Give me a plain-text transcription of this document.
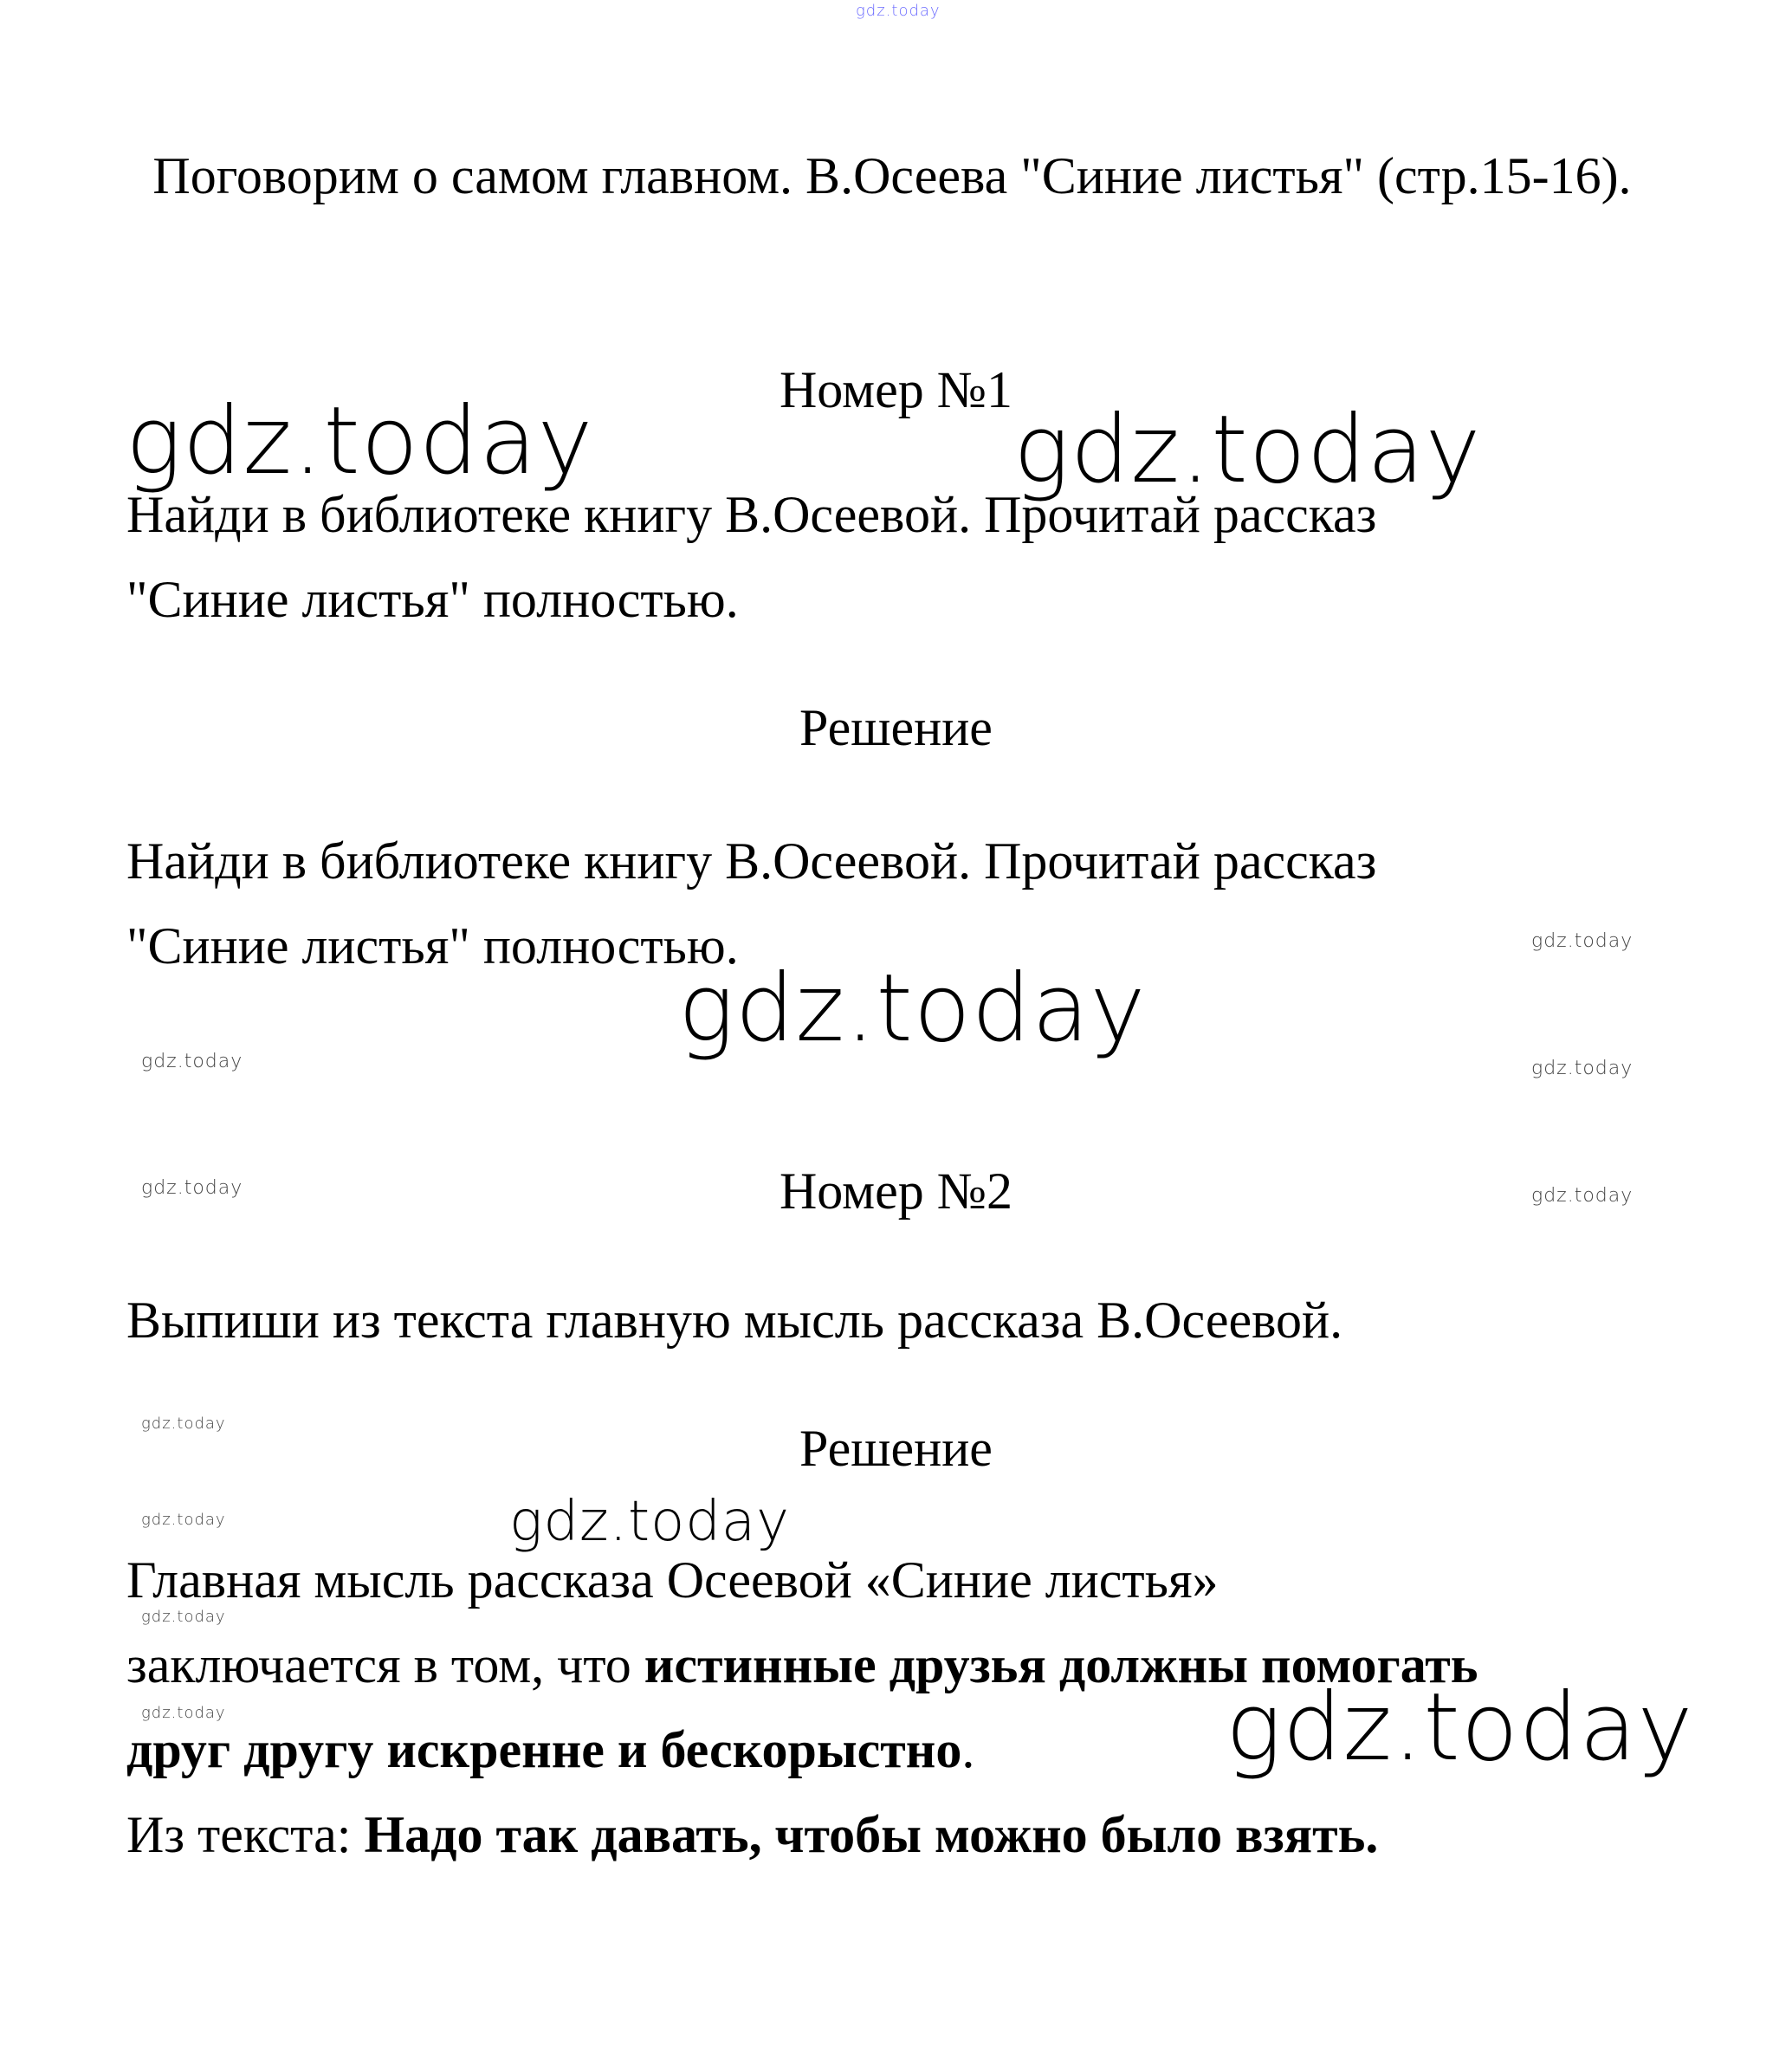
gdz.today
Поговорим о самом главном. В.Осеева "Синие листья" (стр.15-16).
Номер №1

Найди в библиотеке книгу В.Осеевой. Прочитай рассказ

"Синие листья" полностью.

Решение

Найди в библиотеке книгу В.Осеевой. Прочитай рассказ

"Синие листья" полностью.

Номер №2

Выпиши из текста главную мысль рассказа В.Осеевой.

Решение

Главная мысль рассказа Осеевой «Синие листья»

заключается в том, что истинные друзья должны помогать

друг другу искренне и бескорыстно.

Из текста: Надо так давать, чтобы можно было взять.

gdz.today	gdz.today
gdz.today
gdz.today
gdz.today
gdz.today
gdz.today	gdz.today
gdz.today	gdz.today
gdz.today
gdz.today
gdz.today
gdz.today
